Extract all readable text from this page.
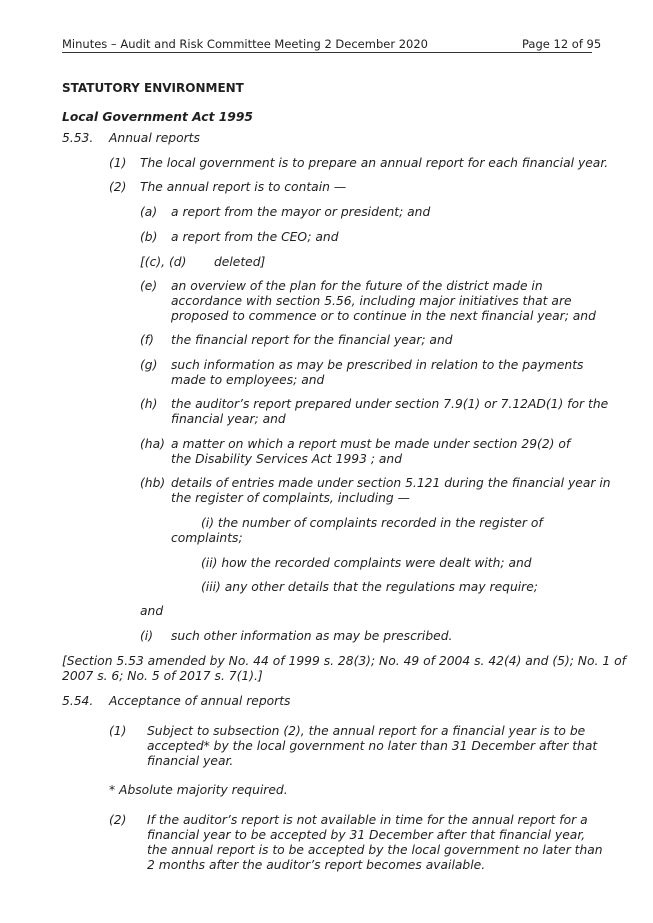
Minutes – Audit and Risk Committee Meeting 2 December 2020	Page 12 of 95
STATUTORY ENVIRONMENT
Local Government Act 1995
5.53. Annual reports
(1) The local government is to prepare an annual report for each financial year.
(2) The annual report is to contain —
(a) a report from the mayor or president; and
(b) a report from the CEO; and
[(c), (d) deleted]
(e) an overview of the plan for the future of the district made in
accordance with section 5.56, including major initiatives that are
proposed to commence or to continue in the next financial year; and
(f) the financial report for the financial year; and
(g) such information as may be prescribed in relation to the payments
made to employees; and
(h) the auditor’s report prepared under section 7.9(1) or 7.12AD(1) for the
financial year; and
(ha) a matter on which a report must be made under section 29(2) of
the Disability Services Act 1993 ; and
(hb) details of entries made under section 5.121 during the financial year in
the register of complaints, including —
(i) the number of complaints recorded in the register of
complaints;
(ii) how the recorded complaints were dealt with; and
(iii) any other details that the regulations may require;
and
(i) such other information as may be prescribed.
[Section 5.53 amended by No. 44 of 1999 s. 28(3); No. 49 of 2004 s. 42(4) and (5); No. 1 of
2007 s. 6; No. 5 of 2017 s. 7(1).]
5.54. Acceptance of annual reports
(1) Subject to subsection (2), the annual report for a financial year is to be
accepted* by the local government no later than 31 December after that
financial year.
* Absolute majority required.
(2) If the auditor’s report is not available in time for the annual report for a
financial year to be accepted by 31 December after that financial year,
the annual report is to be accepted by the local government no later than
2 months after the auditor’s report becomes available.
